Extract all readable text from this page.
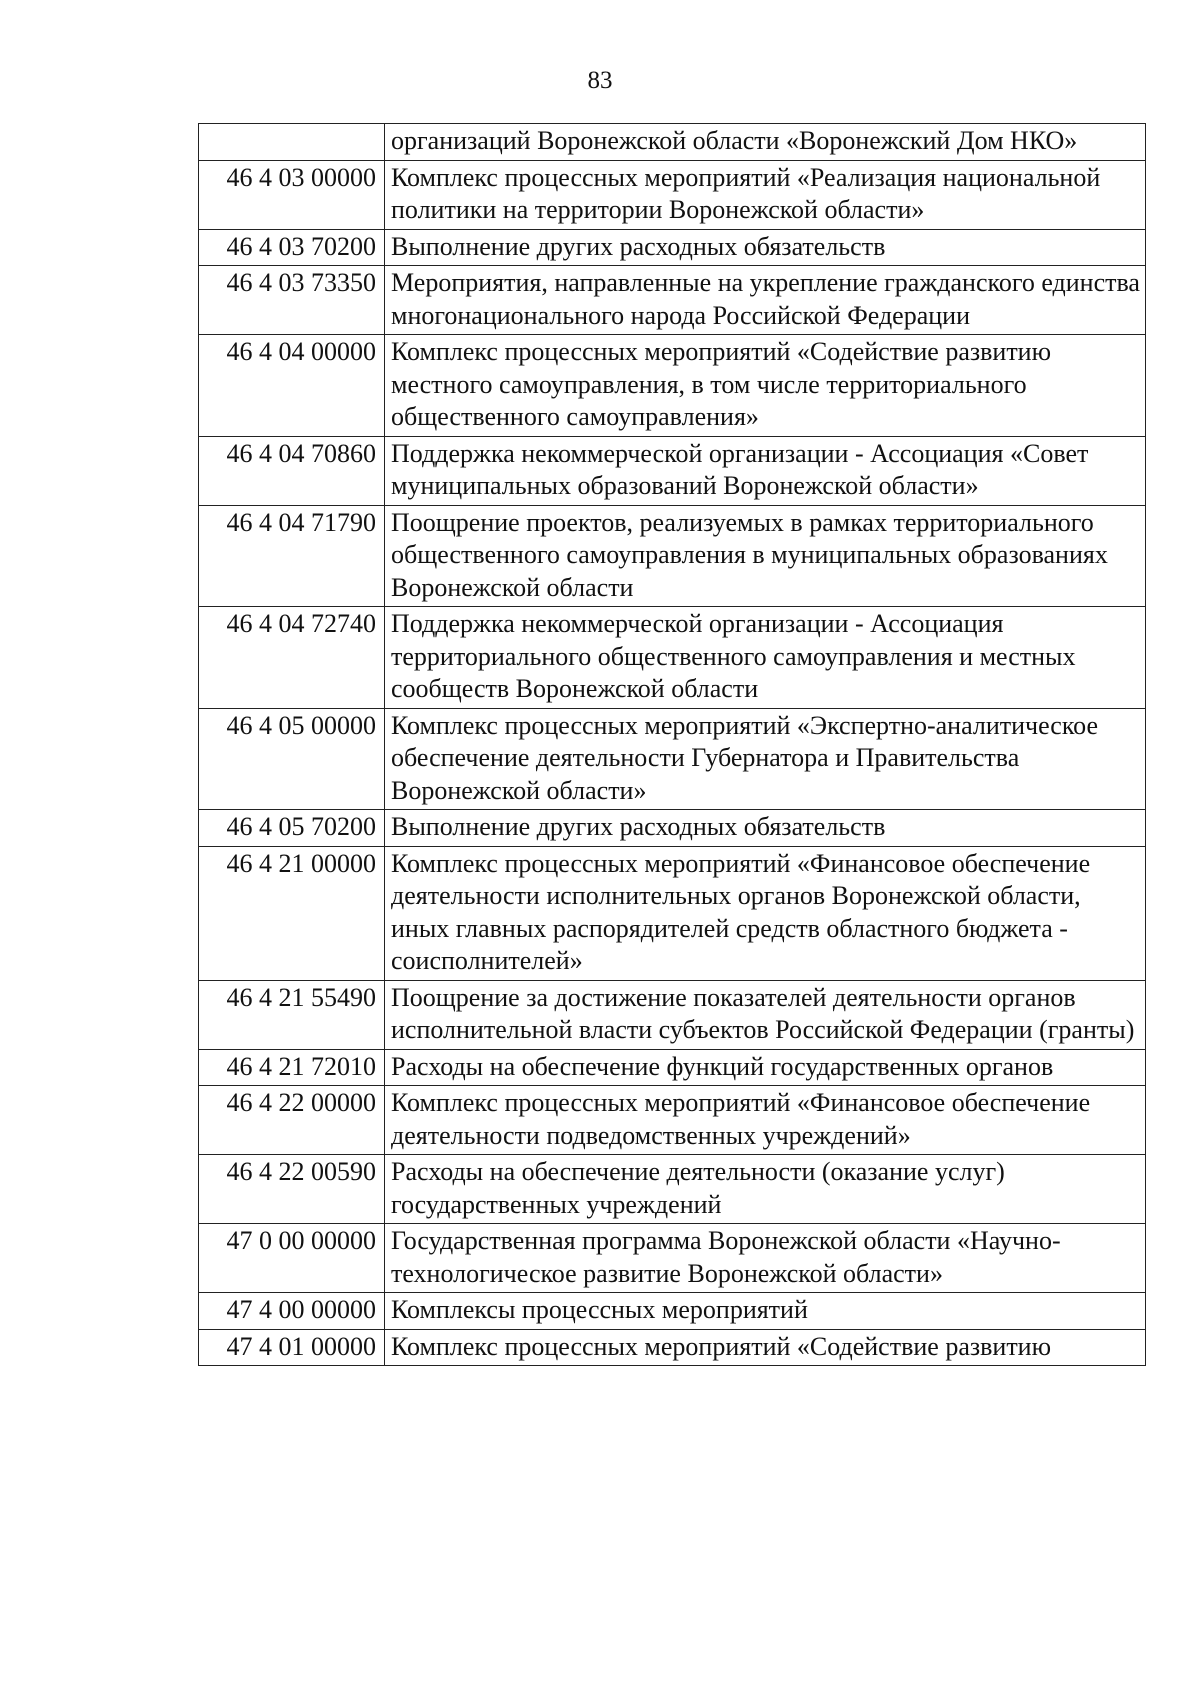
83
	организаций Воронежской области «Воронежский Дом НКО»
46 4 03 00000	Комплекс процессных мероприятий «Реализация национальной политики на территории Воронежской области»
46 4 03 70200	Выполнение других расходных обязательств
46 4 03 73350	Мероприятия, направленные на укрепление гражданского единства многонационального народа Российской Федерации
46 4 04 00000	Комплекс процессных мероприятий «Содействие развитию местного самоуправления, в том числе территориального общественного самоуправления»
46 4 04 70860	Поддержка некоммерческой организации - Ассоциация «Совет муниципальных образований Воронежской области»
46 4 04 71790	Поощрение проектов, реализуемых в рамках территориального общественного самоуправления в муниципальных образованиях Воронежской области
46 4 04 72740	Поддержка некоммерческой организации - Ассоциация территориального общественного самоуправления и местных сообществ Воронежской области
46 4 05 00000	Комплекс процессных мероприятий «Экспертно-аналитическое обеспечение деятельности Губернатора и Правительства Воронежской области»
46 4 05 70200	Выполнение других расходных обязательств
46 4 21 00000	Комплекс процессных мероприятий «Финансовое обеспечение деятельности исполнительных органов Воронежской области, иных главных распорядителей средств областного бюджета - соисполнителей»
46 4 21 55490	Поощрение за достижение показателей деятельности органов исполнительной власти субъектов Российской Федерации (гранты)
46 4 21 72010	Расходы на обеспечение функций государственных органов
46 4 22 00000	Комплекс процессных мероприятий «Финансовое обеспечение деятельности подведомственных учреждений»
46 4 22 00590	Расходы на обеспечение деятельности (оказание услуг) государственных учреждений
47 0 00 00000	Государственная программа Воронежской области «Научно-технологическое развитие Воронежской области»
47 4 00 00000	Комплексы процессных мероприятий
47 4 01 00000	Комплекс процессных мероприятий «Содействие развитию
